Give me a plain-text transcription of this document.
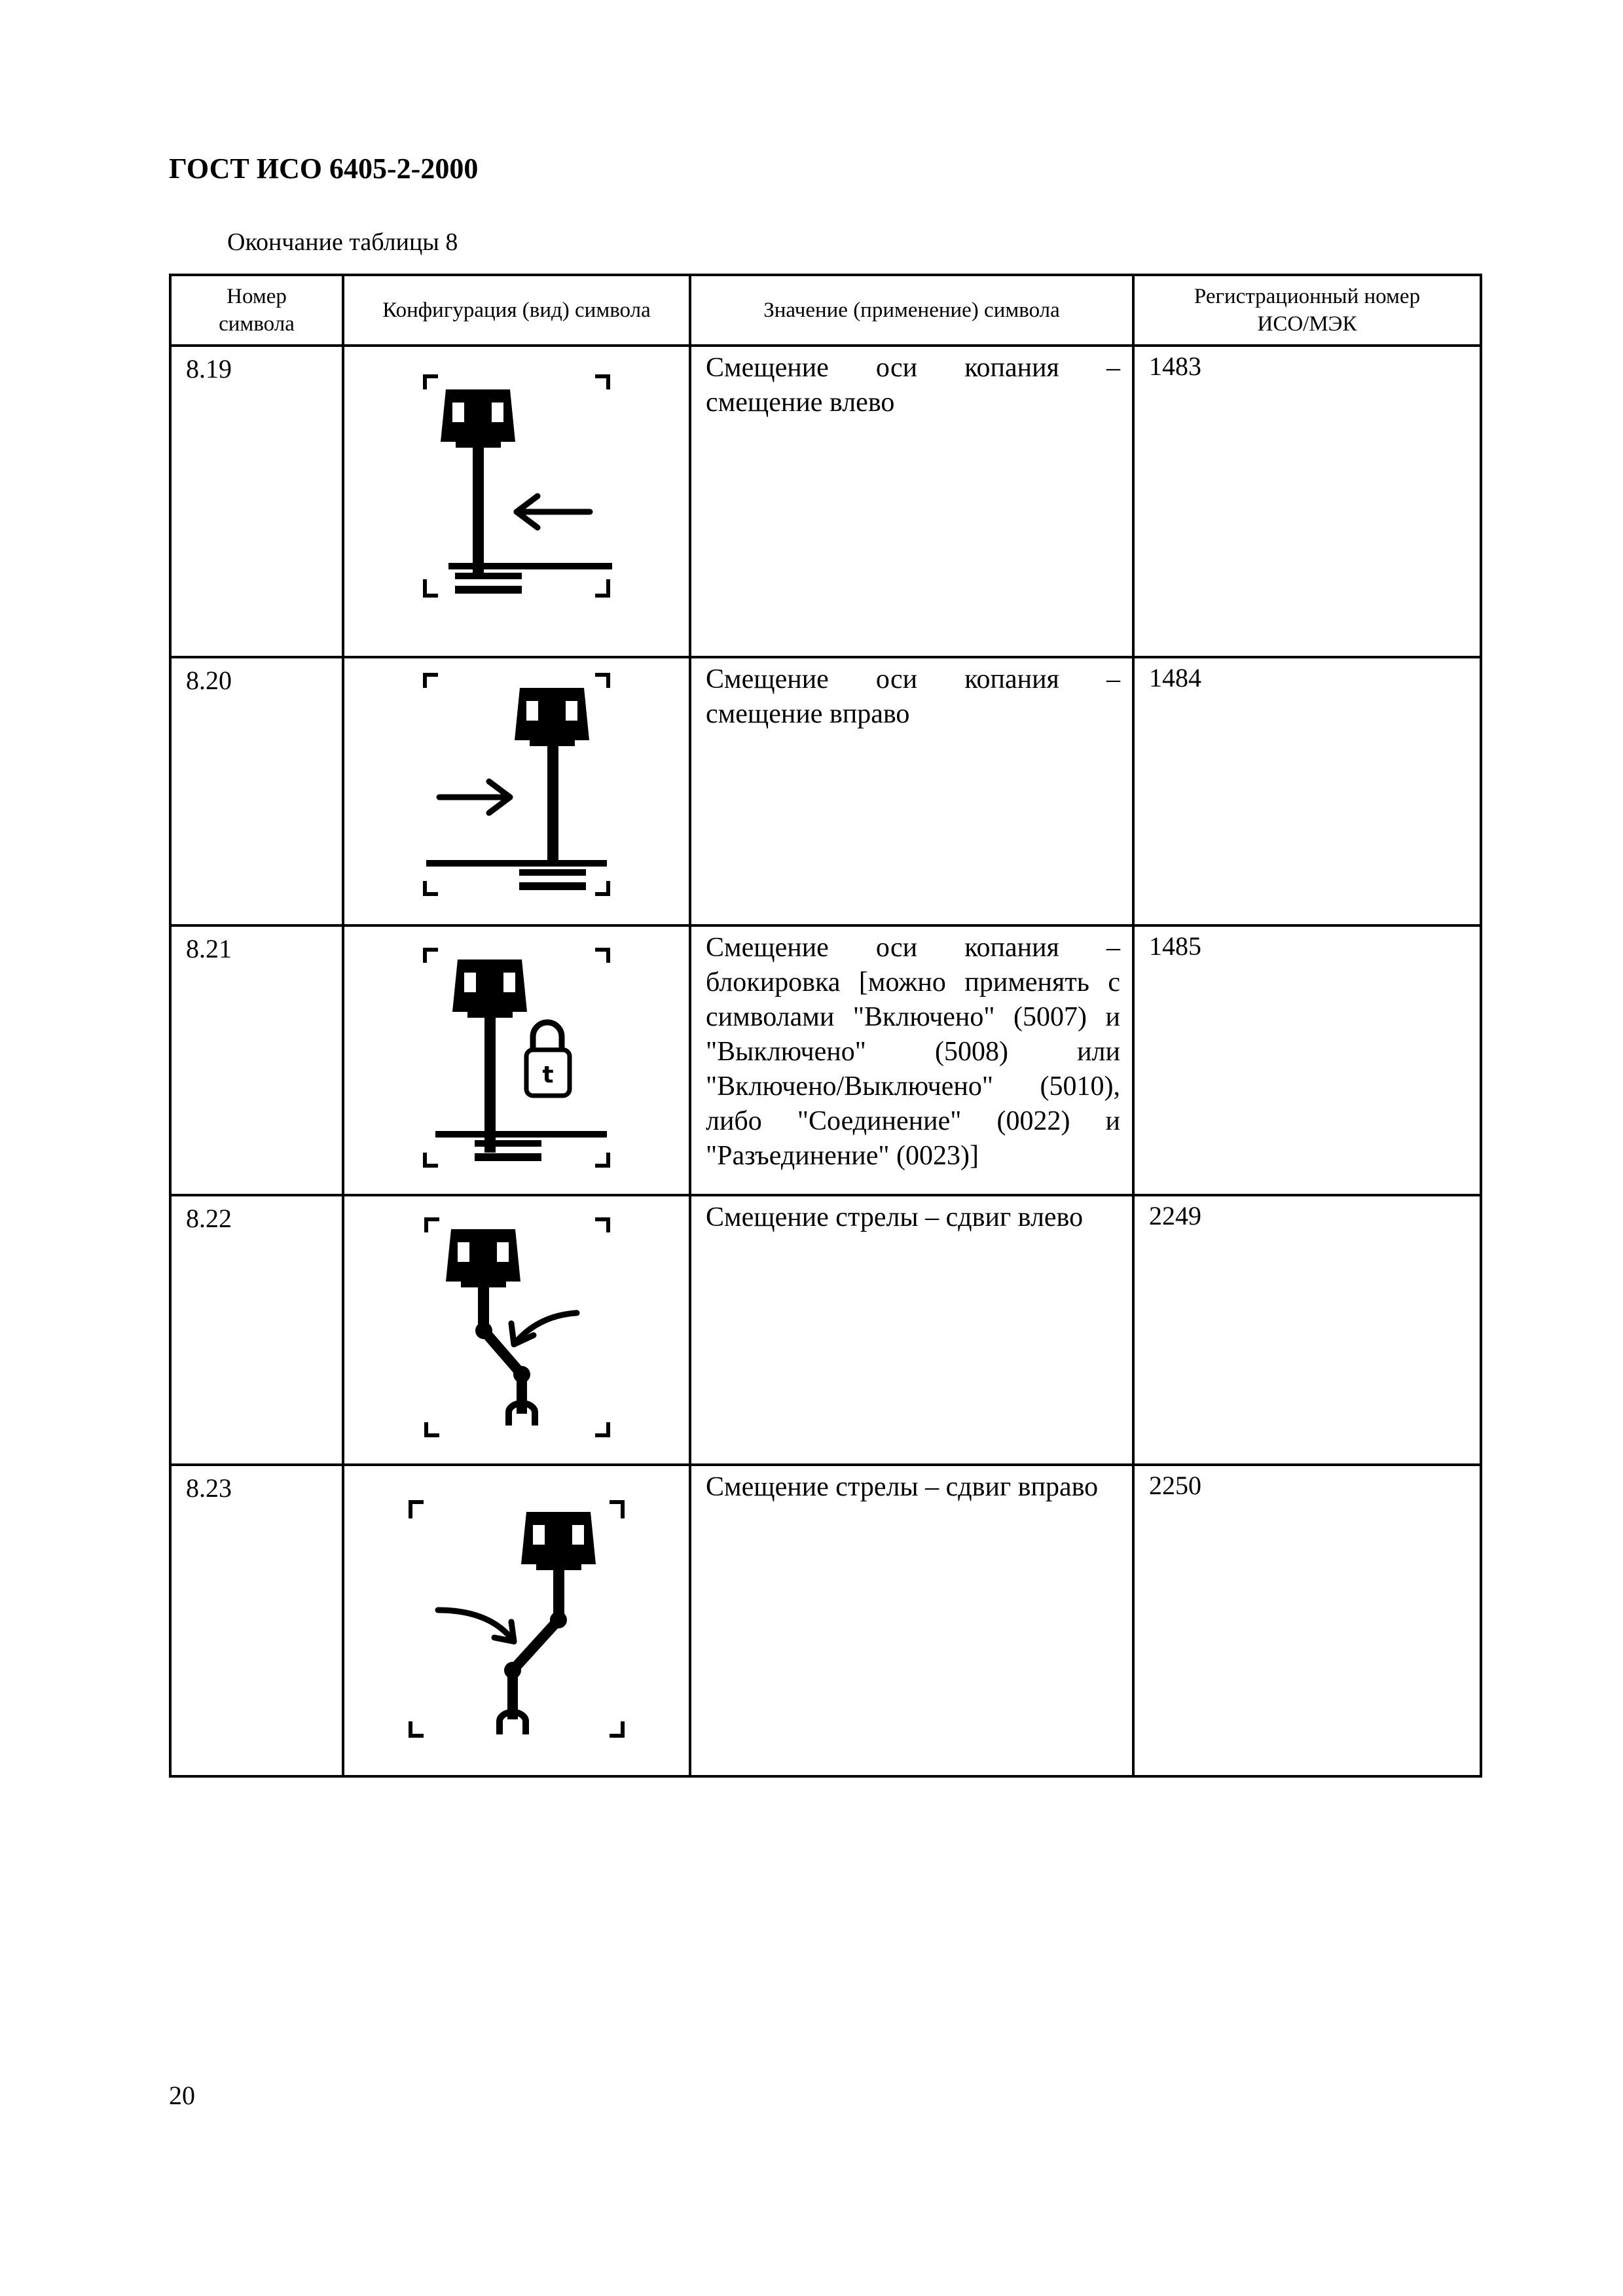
ГОСТ ИСО 6405-2-2000
Окончание таблицы 8
Номер символа	Конфигурация (вид) символа	Значение (применение) символа	Регистрационный номер ИСО/МЭК
8.19		Смещение оси копания – смещение влево	1483
8.20		Смещение оси копания – смещение вправо	1484
8.21	t	Смещение оси копания – блокировка [можно применять с символами "Включено" (5007) и "Выключено" (5008) или "Включено/Выключено" (5010), либо "Соединение" (0022) и "Разъединение" (0023)]	1485
8.22		Смещение стрелы – сдвиг влево	2249
8.23		Смещение стрелы – сдвиг вправо	2250
20
